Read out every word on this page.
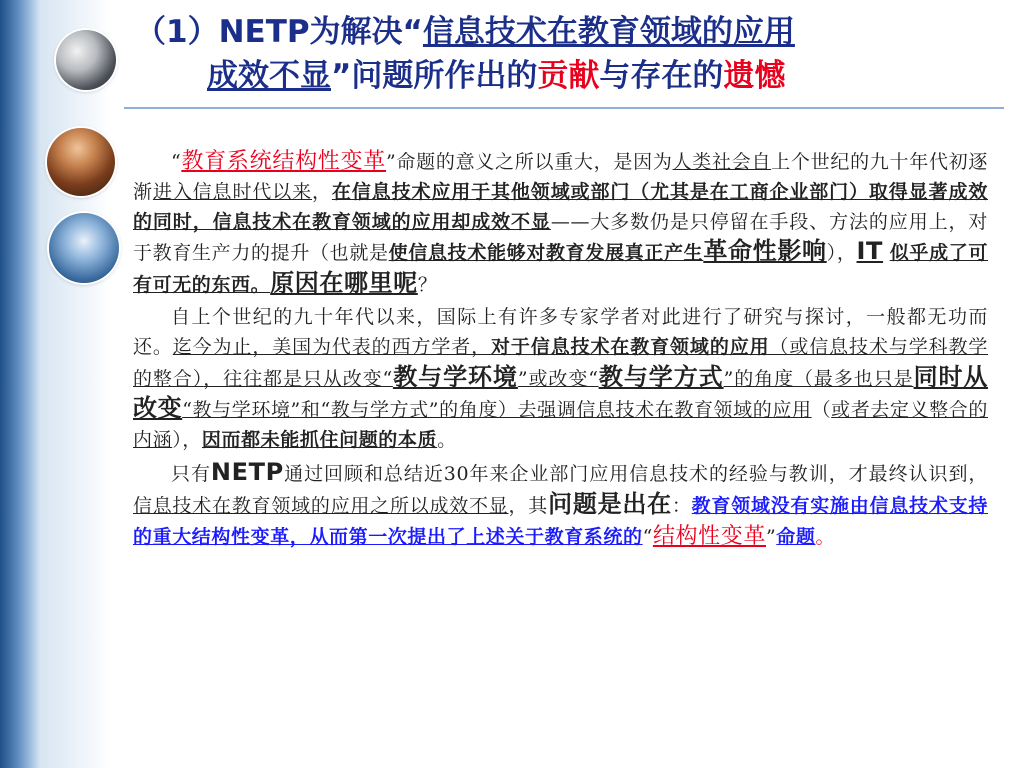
（1）NETP为解决“信息技术在教育领域的应用
成效不显”问题所作出的贡献与存在的遗憾

“教育系统结构性变革”命题的意义之所以重大，是因为人类社会自上个世纪的九十年代初逐渐进入信息时代以来，在信息技术应用于其他领域或部门（尤其是在工商企业部门）取得显著成效的同时，信息技术在教育领域的应用却成效不显——大多数仍是只停留在手段、方法的应用上，对于教育生产力的提升（也就是使信息技术能够对教育发展真正产生革命性影响），IT 似乎成了可有可无的东西。原因在哪里呢？

自上个世纪的九十年代以来，国际上有许多专家学者对此进行了研究与探讨，一般都无功而还。迄今为止，美国为代表的西方学者，对于信息技术在教育领域的应用（或信息技术与学科教学的整合），往往都是只从改变“教与学环境”或改变“教与学方式”的角度（最多也只是同时从改变“教与学环境”和“教与学方式”的角度）去强调信息技术在教育领域的应用（或者去定义整合的内涵），因而都未能抓住问题的本质。

只有NETP通过回顾和总结近30年来企业部门应用信息技术的经验与教训，才最终认识到，信息技术在教育领域的应用之所以成效不显，其问题是出在：教育领域没有实施由信息技术支持的重大结构性变革，从而第一次提出了上述关于教育系统的“结构性变革”命题。
